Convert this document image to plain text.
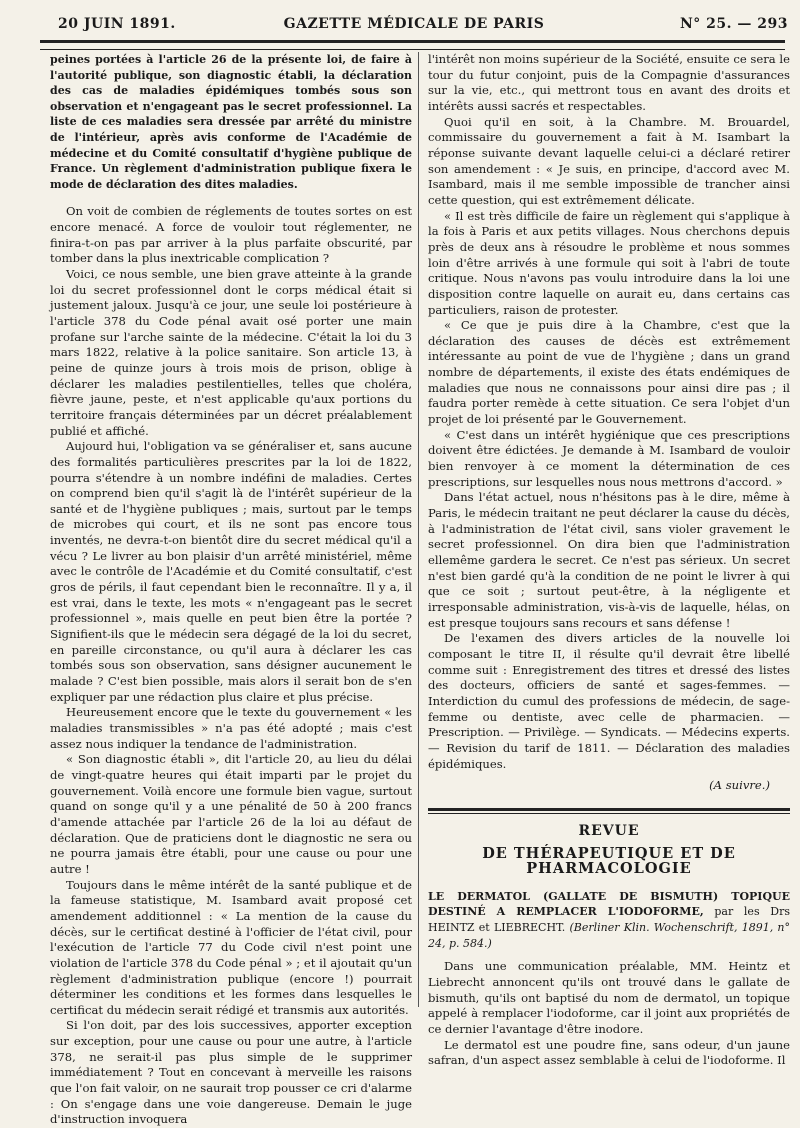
20 JUIN 1891.	GAZETTE MÉDICALE DE PARIS	N° 25. — 293

peines portées à l'article 26 de la présente loi, de faire à l'autorité publique, son diagnostic établi, la déclaration des cas de maladies épidémiques tombés sous son observation et n'engageant pas le secret professionnel. La liste de ces maladies sera dressée par arrêté du ministre de l'intérieur, après avis conforme de l'Académie de médecine et du Comité consultatif d'hygiène publique de France. Un règlement d'administration publique fixera le mode de déclaration des dites maladies.

On voit de combien de réglements de toutes sortes on est encore menacé. A force de vouloir tout réglementer, ne finira-t-on pas par arriver à la plus parfaite obscurité, par tomber dans la plus inextricable complication ?

Voici, ce nous semble, une bien grave atteinte à la grande loi du secret professionnel dont le corps médical était si justement jaloux. Jusqu'à ce jour, une seule loi postérieure à l'article 378 du Code pénal avait osé porter une main profane sur l'arche sainte de la médecine. C'était la loi du 3 mars 1822, relative à la police sanitaire. Son article 13, à peine de quinze jours à trois mois de prison, oblige à déclarer les maladies pestilentielles, telles que choléra, fièvre jaune, peste, et n'est applicable qu'aux portions du territoire français déterminées par un décret préalablement publié et affiché.

Aujourd hui, l'obligation va se généraliser et, sans aucune des formalités particulières prescrites par la loi de 1822, pourra s'étendre à un nombre indéfini de maladies. Certes on comprend bien qu'il s'agit là de l'intérêt supérieur de la santé et de l'hygiène publiques ; mais, surtout par le temps de microbes qui court, et ils ne sont pas encore tous inventés, ne devra-t-on bientôt dire du secret médical qu'il a vécu ? Le livrer au bon plaisir d'un arrêté ministériel, même avec le contrôle de l'Académie et du Comité consultatif, c'est gros de périls, il faut cependant bien le reconnaître. Il y a, il est vrai, dans le texte, les mots « n'engageant pas le secret professionnel », mais quelle en peut bien être la portée ? Signifient-ils que le médecin sera dégagé de la loi du secret, en pareille circonstance, ou qu'il aura à déclarer les cas tombés sous son observation, sans désigner aucunement le malade ? C'est bien possible, mais alors il serait bon de s'en expliquer par une rédaction plus claire et plus précise.

Heureusement encore que le texte du gouvernement « les maladies transmissibles » n'a pas été adopté ; mais c'est assez nous indiquer la tendance de l'administration.

« Son diagnostic établi », dit l'article 20, au lieu du délai de vingt-quatre heures qui était imparti par le projet du gouvernement. Voilà encore une formule bien vague, surtout quand on songe qu'il y a une pénalité de 50 à 200 francs d'amende attachée par l'article 26 de la loi au défaut de déclaration. Que de praticiens dont le diagnostic ne sera ou ne pourra jamais être établi, pour une cause ou pour une autre !

Toujours dans le même intérêt de la santé publique et de la fameuse statistique, M. Isambard avait proposé cet amendement additionnel : « La mention de la cause du décès, sur le certificat destiné à l'officier de l'état civil, pour l'exécution de l'article 77 du Code civil n'est point une violation de l'article 378 du Code pénal » ; et il ajoutait qu'un règlement d'administration publique (encore !) pourrait déterminer les conditions et les formes dans lesquelles le certificat du médecin serait rédigé et transmis aux autorités.

Si l'on doit, par des lois successives, apporter exception sur exception, pour une cause ou pour une autre, à l'article 378, ne serait-il pas plus simple de le supprimer immédiatement ? Tout en concevant à merveille les raisons que l'on fait valoir, on ne saurait trop pousser ce cri d'alarme : On s'engage dans une voie dangereuse. Demain le juge d'instruction invoquera

l'intérêt non moins supérieur de la Société, ensuite ce sera le tour du futur conjoint, puis de la Compagnie d'assurances sur la vie, etc., qui mettront tous en avant des droits et intérêts aussi sacrés et respectables.

Quoi qu'il en soit, à la Chambre. M. Brouardel, commissaire du gouvernement a fait à M. Isambart la réponse suivante devant laquelle celui-ci a déclaré retirer son amendement : « Je suis, en principe, d'accord avec M. Isambard, mais il me semble impossible de trancher ainsi cette question, qui est extrêmement délicate.

« Il est très difficile de faire un règlement qui s'applique à la fois à Paris et aux petits villages. Nous cherchons depuis près de deux ans à résoudre le problème et nous sommes loin d'être arrivés à une formule qui soit à l'abri de toute critique. Nous n'avons pas voulu introduire dans la loi une disposition contre laquelle on aurait eu, dans certains cas particuliers, raison de protester.

« Ce que je puis dire à la Chambre, c'est que la déclaration des causes de décès est extrêmement intéressante au point de vue de l'hygiène ; dans un grand nombre de départements, il existe des états endémiques de maladies que nous ne connaissons pour ainsi dire pas ; il faudra porter remède à cette situation. Ce sera l'objet d'un projet de loi présenté par le Gouvernement.

« C'est dans un intérêt hygiénique que ces prescriptions doivent être édictées. Je demande à M. Isambard de vouloir bien renvoyer à ce moment la détermination de ces prescriptions, sur lesquelles nous nous mettrons d'accord. »

Dans l'état actuel, nous n'hésitons pas à le dire, même à Paris, le médecin traitant ne peut déclarer la cause du décès, à l'administration de l'état civil, sans violer gravement le secret professionnel. On dira bien que l'administration ellemême gardera le secret. Ce n'est pas sérieux. Un secret n'est bien gardé qu'à la condition de ne point le livrer à qui que ce soit ; surtout peut-être, à la négligente et irresponsable administration, vis-à-vis de laquelle, hélas, on est presque toujours sans recours et sans défense !

De l'examen des divers articles de la nouvelle loi composant le titre II, il résulte qu'il devrait être libellé comme suit : Enregistrement des titres et dressé des listes des docteurs, officiers de santé et sages-femmes. — Interdiction du cumul des professions de médecin, de sage-femme ou dentiste, avec celle de pharmacien. — Prescription. — Privilège. — Syndicats. — Médecins experts. — Revision du tarif de 1811. — Déclaration des maladies épidémiques.

(A suivre.)
REVUE
DE THÉRAPEUTIQUE ET DE PHARMACOLOGIE

LE DERMATOL (GALLATE DE BISMUTH) TOPIQUE DESTINÉ A REMPLACER L'IODOFORME, par les Drs HEINTZ et LIEBRECHT. (Berliner Klin. Wochenschrift, 1891, n° 24, p. 584.)

Dans une communication préalable, MM. Heintz et Liebrecht annoncent qu'ils ont trouvé dans le gallate de bismuth, qu'ils ont baptisé du nom de dermatol, un topique appelé à remplacer l'iodoforme, car il joint aux propriétés de ce dernier l'avantage d'être inodore.

Le dermatol est une poudre fine, sans odeur, d'un jaune safran, d'un aspect assez semblable à celui de l'iodoforme. Il
